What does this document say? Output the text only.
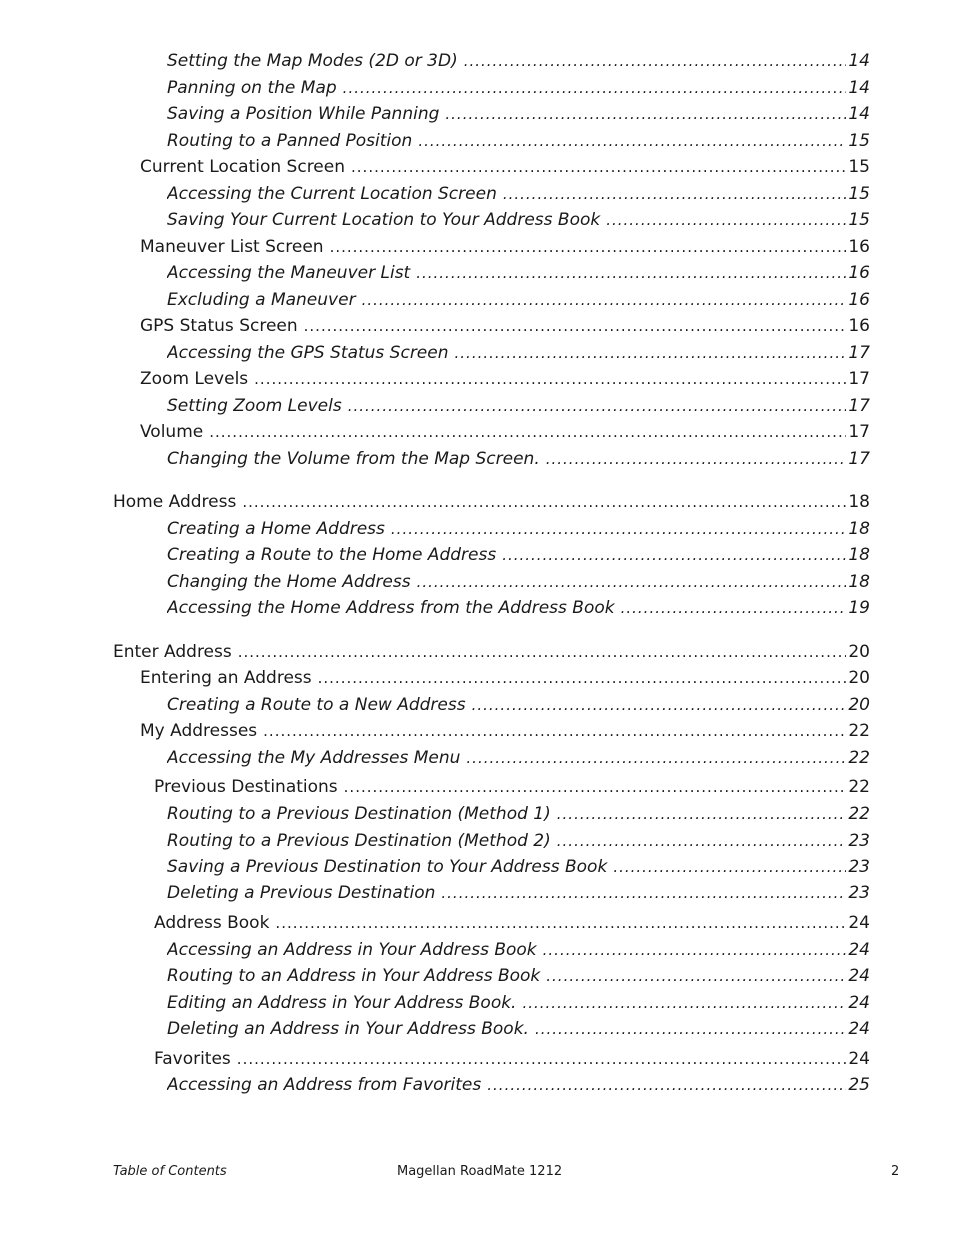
Setting the Map Modes (2D or 3D) .....	14
Panning on the Map .....	14
Saving a Position While Panning .....	14
Routing to a Panned Position .....	15
Current Location Screen .....	15
Accessing the Current Location Screen .....	15
Saving Your Current Location to Your Address Book .....	15
Maneuver List Screen .....	16
Accessing the Maneuver List .....	16
Excluding a Maneuver .....	16
GPS Status Screen .....	16
Accessing the GPS Status Screen .....	17
Zoom Levels .....	17
Setting Zoom Levels .....	17
Volume .....	17
Changing the Volume from the Map Screen. .....	17
Home Address .....	18
Creating a Home Address .....	18
Creating a Route to the Home Address .....	18
Changing the Home Address .....	18
Accessing the Home Address from the Address Book .....	19
Enter Address .....	20
Entering an Address .....	20
Creating a Route to a New Address .....	20
My Addresses .....	22
Accessing the My Addresses Menu .....	22
Previous Destinations .....	22
Routing to a Previous Destination (Method 1) .....	22
Routing to a Previous Destination (Method 2) .....	23
Saving a Previous Destination to Your Address Book .....	23
Deleting a Previous Destination .....	23
Address Book .....	24
Accessing an Address in Your Address Book .....	24
Routing to an Address in Your Address Book .....	24
Editing an Address in Your Address Book. .....	24
Deleting an Address in Your Address Book. .....	24
Favorites .....	24
Accessing an Address from Favorites .....	25
Table of Contents	Magellan RoadMate 1212	2
